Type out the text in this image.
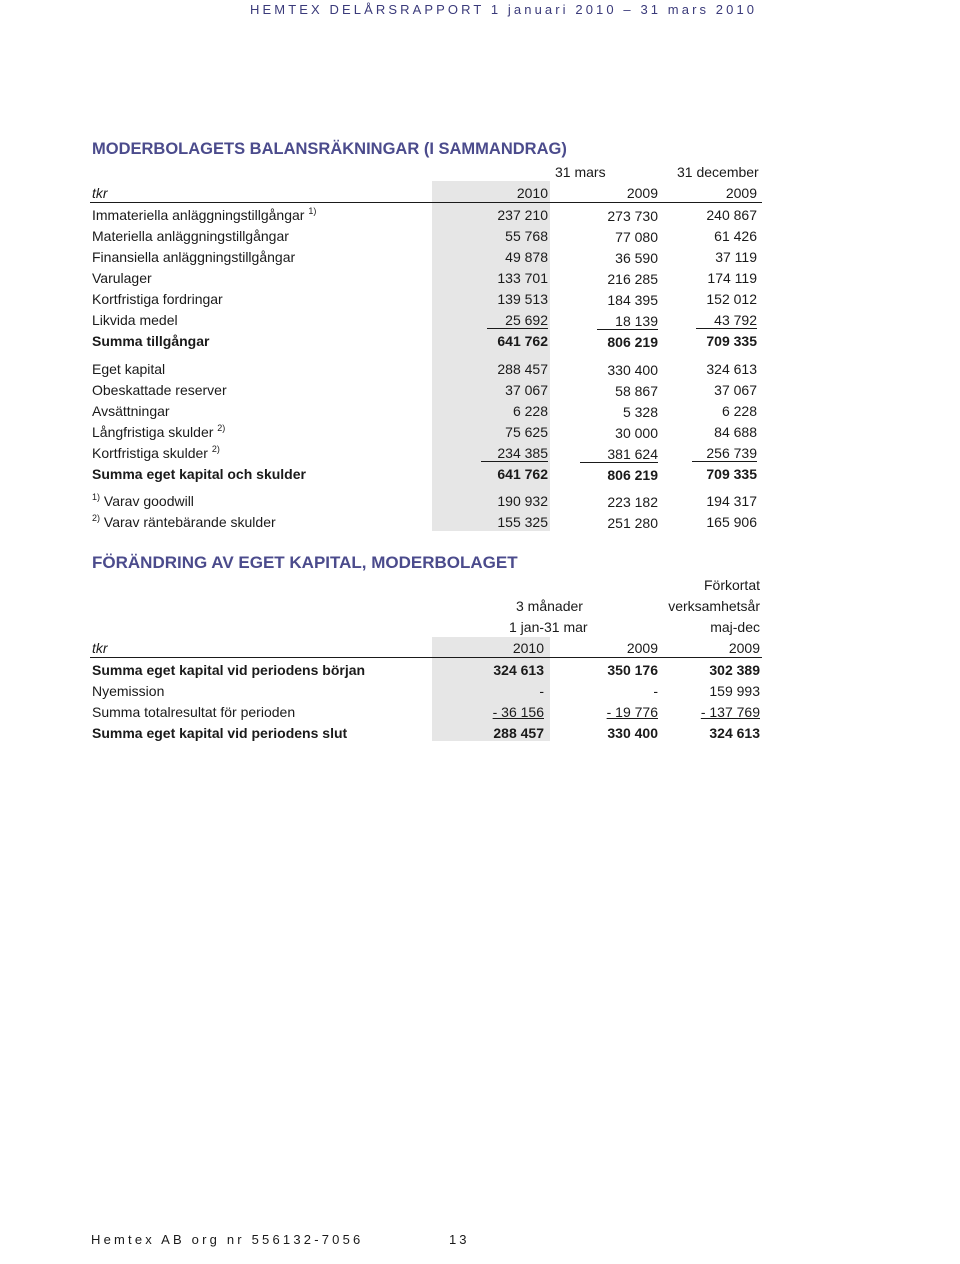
HEMTEX DELÅRSRAPPORT 1 januari 2010 – 31 mars 2010
MODERBOLAGETS BALANSRÄKNINGAR (I SAMMANDRAG)
31 mars	31 december
tkr	2010	2009	2009
Immateriella anläggningstillgångar $^{1)}$	237 210	273 730	240 867
Materiella anläggningstillgångar	55 768	77 080	61 426
Finansiella anläggningstillgångar	49 878	36 590	37 119
Varulager	133 701	216 285	174 119
Kortfristiga fordringar	139 513	184 395	152 012
Likvida medel	25 692	18 139	43 792
Summa tillgångar	641 762	806 219	709 335
Eget kapital	288 457	330 400	324 613
Obeskattade reserver	37 067	58 867	37 067
Avsättningar	6 228	5 328	6 228
Långfristiga skulder $^{2)}$	75 625	30 000	84 688
Kortfristiga skulder $^{2)}$	234 385	381 624	256 739
Summa eget kapital och skulder	641 762	806 219	709 335
$^{1)}$ Varav goodwill	190 932	223 182	194 317
$^{2)}$ Varav räntebärande skulder	155 325	251 280	165 906
FÖRÄNDRING AV EGET KAPITAL, MODERBOLAGET
Förkortat
3 månader	verksamhetsår
1 jan-31 mar	maj-dec
tkr	2010	2009	2009
Summa eget kapital vid periodens början	324 613	350 176	302 389
Nyemission	-	-	159 993
Summa totalresultat för perioden	- 36 156	- 19 776	- 137 769
Summa eget kapital vid periodens slut	288 457	330 400	324 613
Hemtex AB org nr 556132-7056	13
